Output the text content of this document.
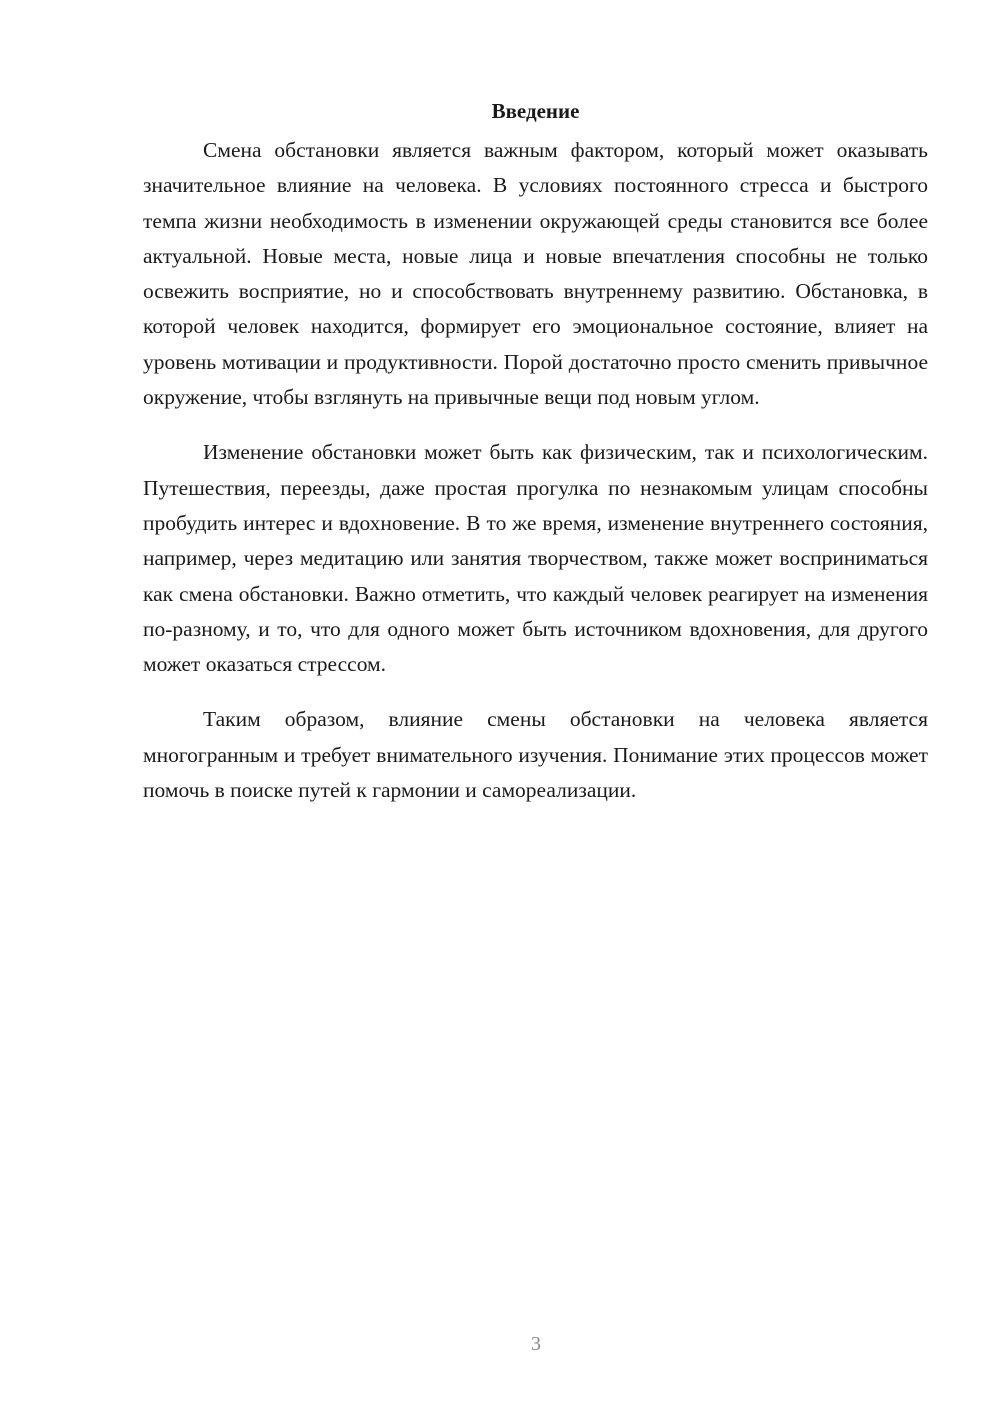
Введение

Смена обстановки является важным фактором, который может оказывать значительное влияние на человека. В условиях постоянного стресса и быстрого темпа жизни необходимость в изменении окружающей среды становится все более актуальной. Новые места, новые лица и новые впечатления способны не только освежить восприятие, но и способствовать внутреннему развитию. Обстановка, в которой человек находится, формирует его эмоциональное состояние, влияет на уровень мотивации и продуктивности. Порой достаточно просто сменить привычное окружение, чтобы взглянуть на привычные вещи под новым углом.

Изменение обстановки может быть как физическим, так и психологическим. Путешествия, переезды, даже простая прогулка по незнакомым улицам способны пробудить интерес и вдохновение. В то же время, изменение внутреннего состояния, например, через медитацию или занятия творчеством, также может восприниматься как смена обстановки. Важно отметить, что каждый человек реагирует на изменения по-разному, и то, что для одного может быть источником вдохновения, для другого может оказаться стрессом.

Таким образом, влияние смены обстановки на человека является многогранным и требует внимательного изучения. Понимание этих процессов может помочь в поиске путей к гармонии и самореализации.

3
